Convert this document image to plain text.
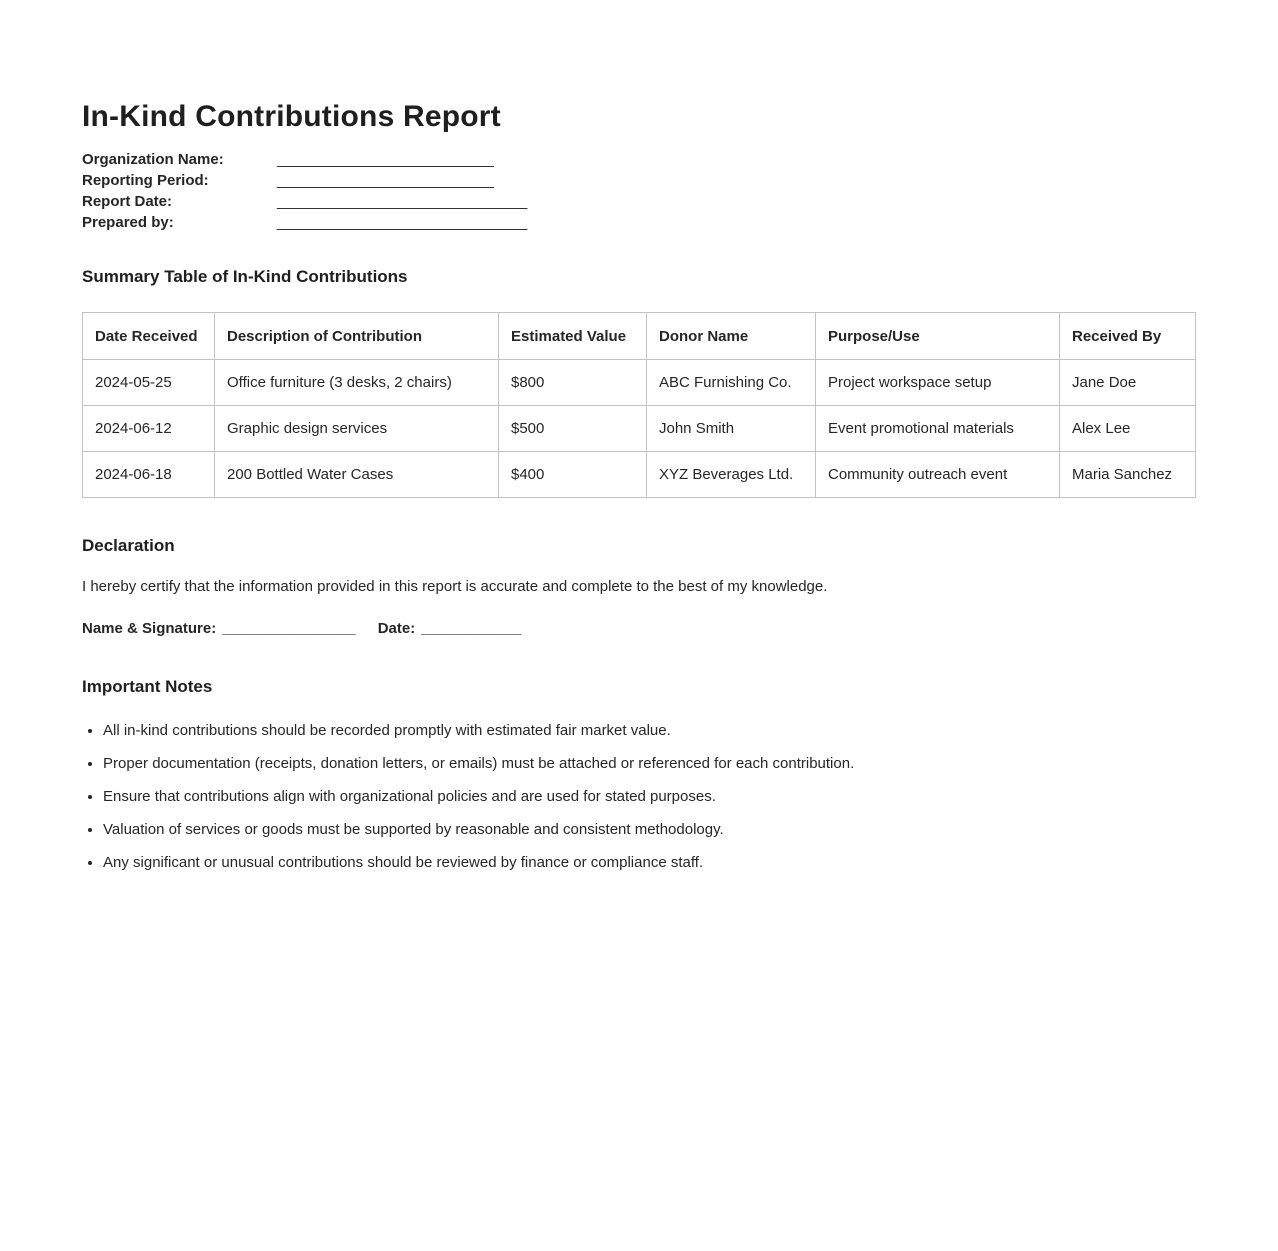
In-Kind Contributions Report
Organization Name:	__________________________
Reporting Period:	__________________________
Report Date:	______________________________
Prepared by:	______________________________
Summary Table of In-Kind Contributions
Date Received	Description of Contribution	Estimated Value	Donor Name	Purpose/Use	Received By
2024-05-25	Office furniture (3 desks, 2 chairs)	$800	ABC Furnishing Co.	Project workspace setup	Jane Doe
2024-06-12	Graphic design services	$500	John Smith	Event promotional materials	Alex Lee
2024-06-18	200 Bottled Water Cases	$400	XYZ Beverages Ltd.	Community outreach event	Maria Sanchez
Declaration

I hereby certify that the information provided in this report is accurate and complete to the best of my knowledge.

Name & Signature: ________________ Date: ____________
Important Notes
• All in-kind contributions should be recorded promptly with estimated fair market value.
• Proper documentation (receipts, donation letters, or emails) must be attached or referenced for each contribution.
• Ensure that contributions align with organizational policies and are used for stated purposes.
• Valuation of services or goods must be supported by reasonable and consistent methodology.
• Any significant or unusual contributions should be reviewed by finance or compliance staff.
